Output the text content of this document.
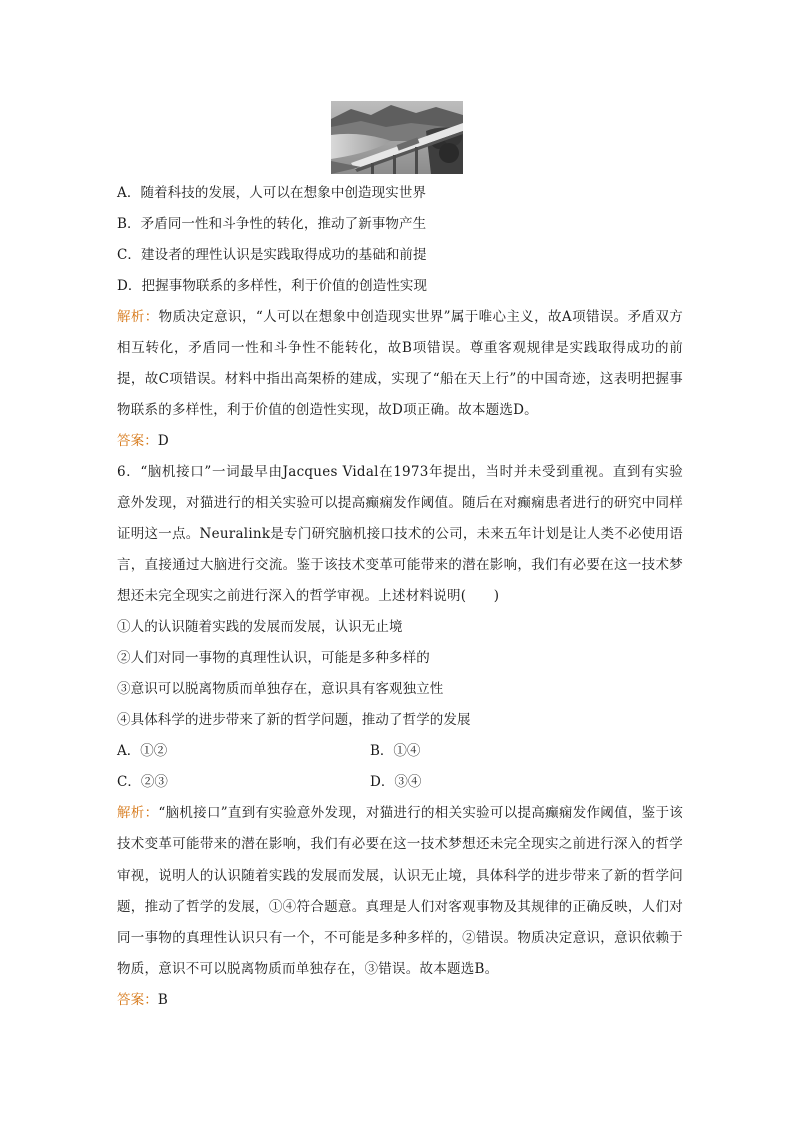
A．随着科技的发展，人可以在想象中创造现实世界
B．矛盾同一性和斗争性的转化，推动了新事物产生
C．建设者的理性认识是实践取得成功的基础和前提
D．把握事物联系的多样性，利于价值的创造性实现
解析：物质决定意识，“人可以在想象中创造现实世界”属于唯心主义，故A项错误。矛盾双方相互转化，矛盾同一性和斗争性不能转化，故B项错误。尊重客观规律是实践取得成功的前提，故C项错误。材料中指出高架桥的建成，实现了“船在天上行”的中国奇迹，这表明把握事物联系的多样性，利于价值的创造性实现，故D项正确。故本题选D。
答案：D
6．“脑机接口”一词最早由Jacques Vidal在1973年提出，当时并未受到重视。直到有实验意外发现，对猫进行的相关实验可以提高癫痫发作阈值。随后在对癫痫患者进行的研究中同样证明这一点。Neuralink是专门研究脑机接口技术的公司，未来五年计划是让人类不必使用语言，直接通过大脑进行交流。鉴于该技术变革可能带来的潜在影响，我们有必要在这一技术梦想还未完全现实之前进行深入的哲学审视。上述材料说明(　　)
①人的认识随着实践的发展而发展，认识无止境
②人们对同一事物的真理性认识，可能是多种多样的
③意识可以脱离物质而单独存在，意识具有客观独立性
④具体科学的进步带来了新的哲学问题，推动了哲学的发展
A．①②	B．①④
C．②③	D．③④
解析：“脑机接口”直到有实验意外发现，对猫进行的相关实验可以提高癫痫发作阈值，鉴于该技术变革可能带来的潜在影响，我们有必要在这一技术梦想还未完全现实之前进行深入的哲学审视，说明人的认识随着实践的发展而发展，认识无止境，具体科学的进步带来了新的哲学问题，推动了哲学的发展，①④符合题意。真理是人们对客观事物及其规律的正确反映，人们对同一事物的真理性认识只有一个，不可能是多种多样的，②错误。物质决定意识，意识依赖于物质，意识不可以脱离物质而单独存在，③错误。故本题选B。
答案：B
